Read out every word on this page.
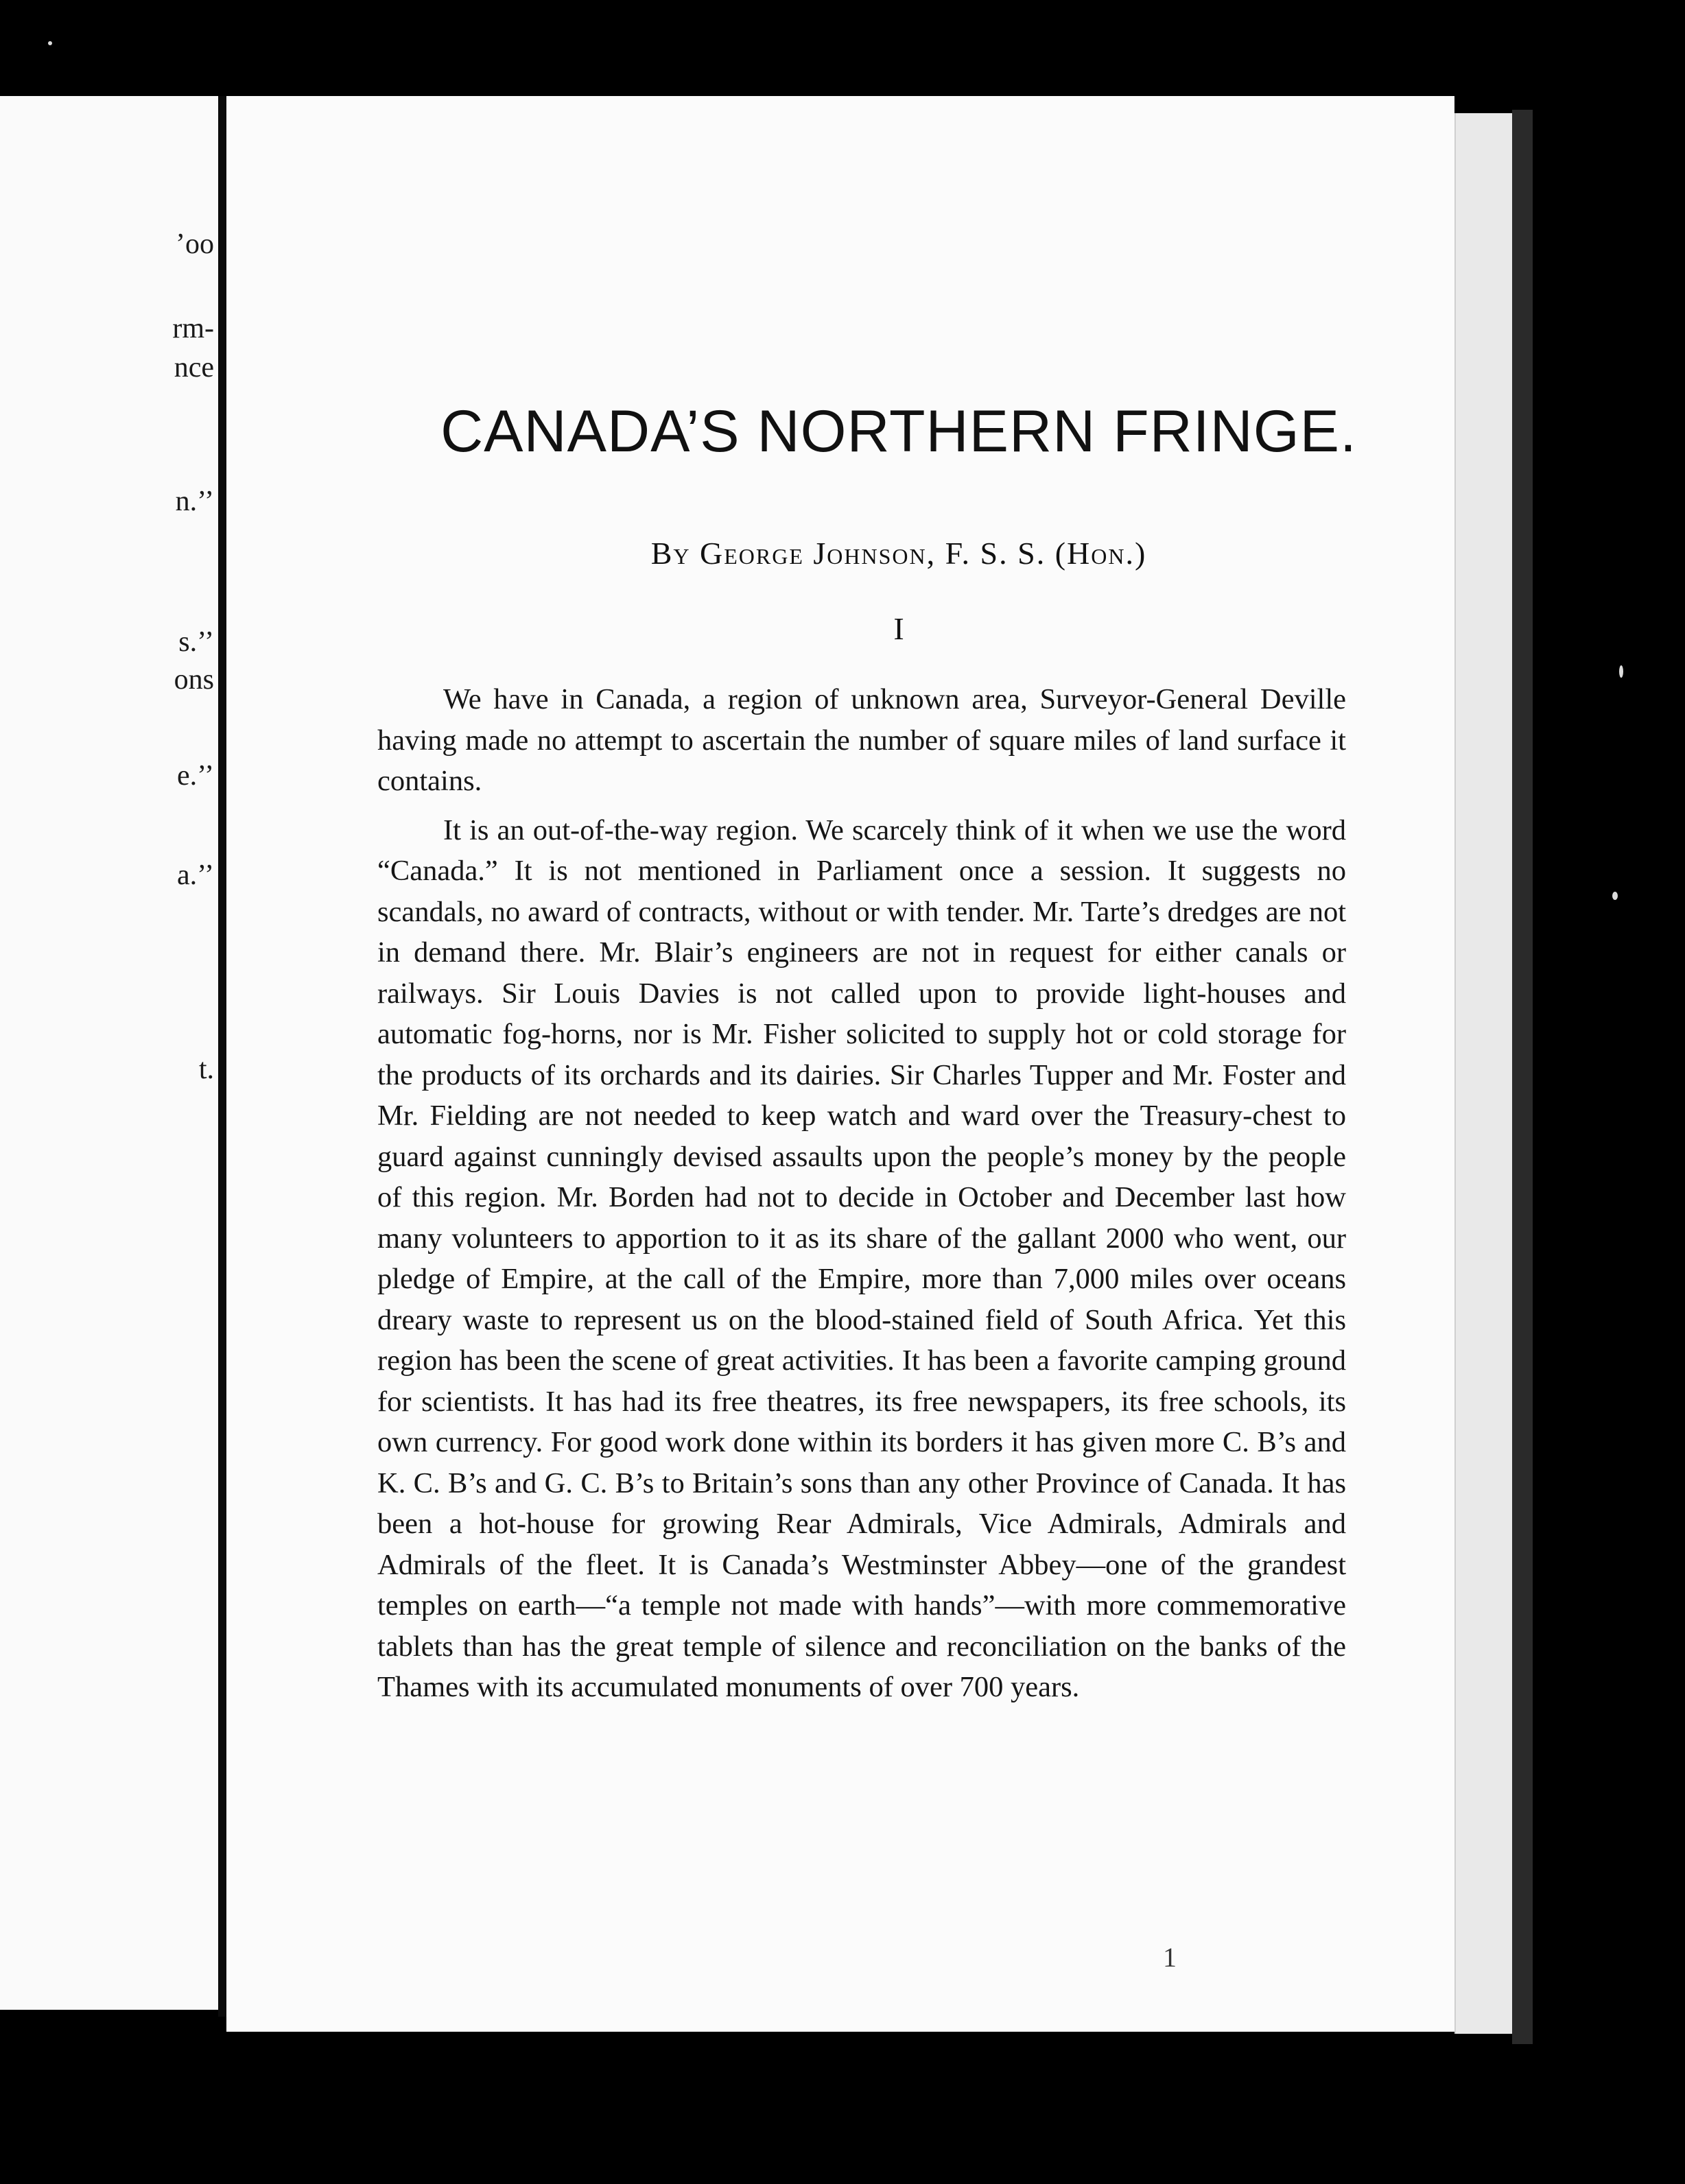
’oo
rm-
nce
n.’’
s.’’
ons
e.’’
a.’’
t.
CANADA’S NORTHERN FRINGE.
By George Johnson, F. S. S. (Hon.)
I

We have in Canada, a region of unknown area, Surveyor-General Deville having made no attempt to ascertain the number of square miles of land surface it contains.

It is an out-of-the-way region. We scarcely think of it when we use the word “Canada.” It is not mentioned in Parliament once a session. It suggests no scandals, no award of contracts, without or with tender. Mr. Tarte’s dredges are not in demand there. Mr. Blair’s engineers are not in request for either canals or railways. Sir Louis Davies is not called upon to provide light-houses and automatic fog-horns, nor is Mr. Fisher solicited to supply hot or cold storage for the products of its orchards and its dairies. Sir Charles Tupper and Mr. Foster and Mr. Fielding are not needed to keep watch and ward over the Treasury-chest to guard against cunningly devised assaults upon the people’s money by the people of this region. Mr. Borden had not to decide in October and December last how many volunteers to apportion to it as its share of the gallant 2000 who went, our pledge of Empire, at the call of the Empire, more than 7,000 miles over oceans dreary waste to represent us on the blood-stained field of South Africa. Yet this region has been the scene of great activities. It has been a favorite camping ground for scientists. It has had its free theatres, its free newspapers, its free schools, its own currency. For good work done within its borders it has given more C. B’s and K. C. B’s and G. C. B’s to Britain’s sons than any other Province of Canada. It has been a hot-house for growing Rear Admirals, Vice Admirals, Admirals and Admirals of the fleet. It is Canada’s Westminster Abbey—one of the grandest temples on earth—“a temple not made with hands”—with more commemorative tablets than has the great temple of silence and reconciliation on the banks of the Thames with its accumulated monuments of over 700 years.

1
